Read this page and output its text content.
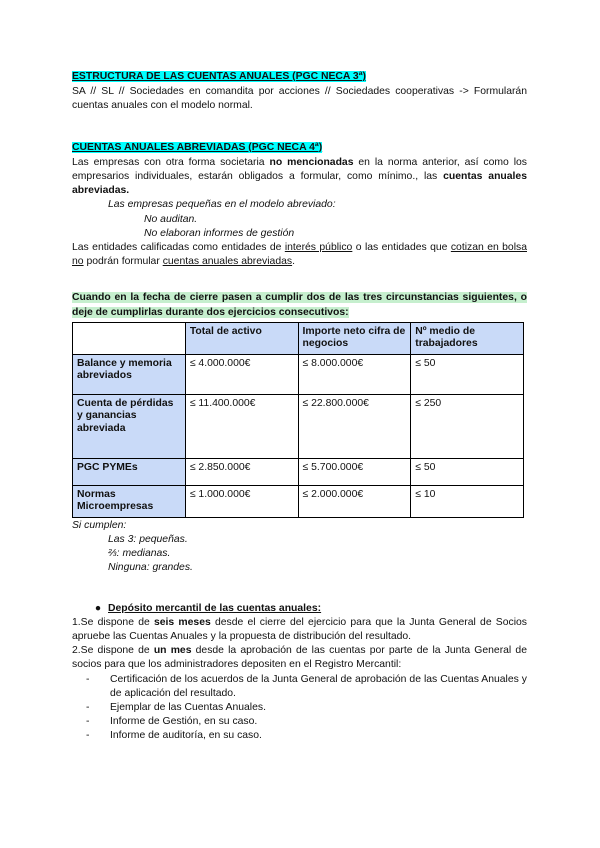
ESTRUCTURA DE LAS CUENTAS ANUALES (PGC NECA 3ª)

SA // SL // Sociedades en comandita por acciones // Sociedades cooperativas -> Formularán cuentas anuales con el modelo normal.

CUENTAS ANUALES ABREVIADAS (PGC NECA 4ª)

Las empresas con otra forma societaria no mencionadas en la norma anterior, así como los empresarios individuales, estarán obligados a formular, como mínimo., las cuentas anuales abreviadas.

Las empresas pequeñas en el modelo abreviado:

No auditan.

No elaboran informes de gestión

Las entidades calificadas como entidades de interés público o las entidades que cotizan en bolsa no podrán formular cuentas anuales abreviadas.

Cuando en la fecha de cierre pasen a cumplir dos de las tres circunstancias siguientes, o deje de cumplirlas durante dos ejercicios consecutivos:

	Total de activo	Importe neto cifra de negocios	Nº medio de trabajadores
Balance y memoria abreviados	≤ 4.000.000€	≤ 8.000.000€	≤ 50
Cuenta de pérdidas y ganancias abreviada	≤ 11.400.000€	≤ 22.800.000€	≤ 250
PGC PYMEs	≤ 2.850.000€	≤ 5.700.000€	≤ 50
Normas Microempresas	≤ 1.000.000€	≤ 2.000.000€	≤ 10

Si cumplen:

Las 3: pequeñas.

⅔: medianas.

Ninguna: grandes.

● Depósito mercantil de las cuentas anuales:

1.Se dispone de seis meses desde el cierre del ejercicio para que la Junta General de Socios apruebe las Cuentas Anuales y la propuesta de distribución del resultado.

2.Se dispone de un mes desde la aprobación de las cuentas por parte de la Junta General de socios para que los administradores depositen en el Registro Mercantil:

-	Certificación de los acuerdos de la Junta General de aprobación de las Cuentas Anuales y de aplicación del resultado.
-	Ejemplar de las Cuentas Anuales.
-	Informe de Gestión, en su caso.
-	Informe de auditoría, en su caso.
